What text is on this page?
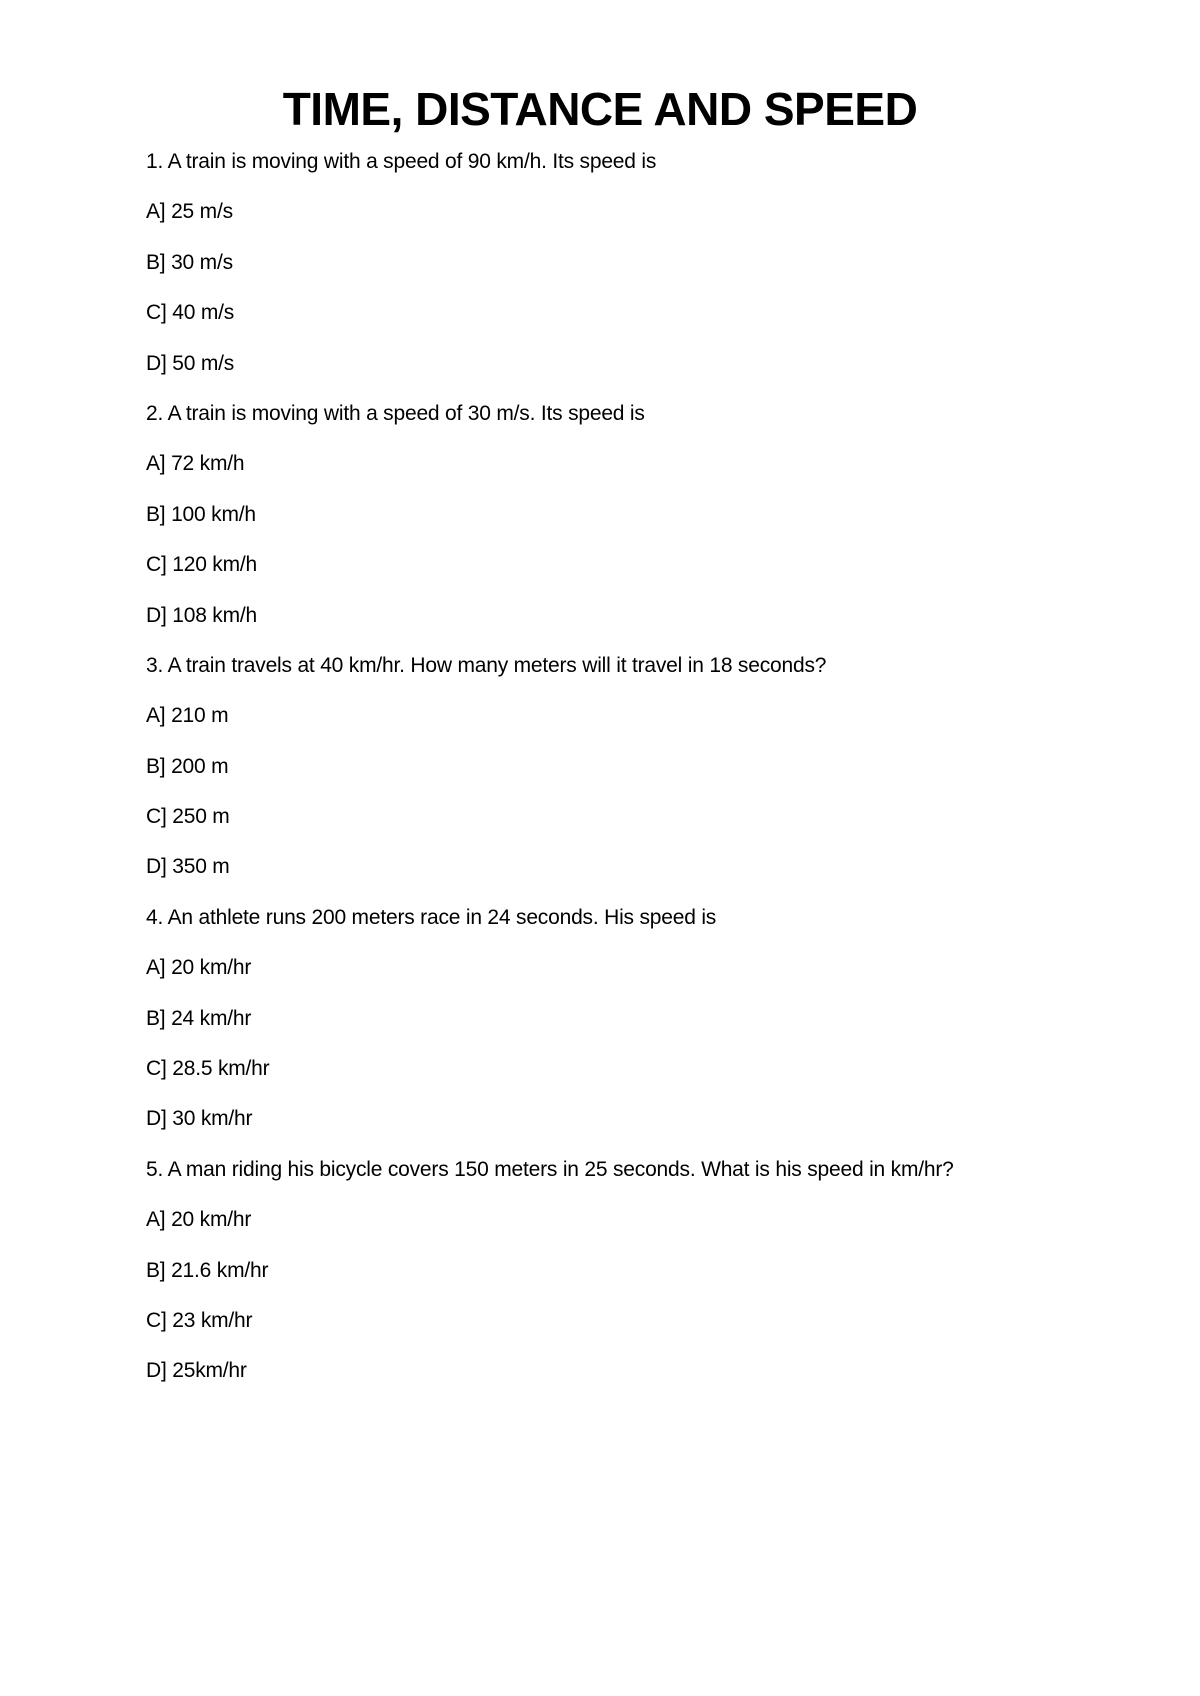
TIME, DISTANCE AND SPEED
1. A train is moving with a speed of 90 km/h. Its speed is
A] 25 m/s
B] 30 m/s
C] 40 m/s
D] 50 m/s
2. A train is moving with a speed of 30 m/s. Its speed is
A] 72 km/h
B] 100 km/h
C] 120 km/h
D] 108 km/h
3. A train travels at 40 km/hr. How many meters will it travel in 18 seconds?
A] 210 m
B] 200 m
C] 250 m
D] 350 m
4. An athlete runs 200 meters race in 24 seconds. His speed is
A] 20 km/hr
B] 24 km/hr
C] 28.5 km/hr
D] 30 km/hr
5. A man riding his bicycle covers 150 meters in 25 seconds. What is his speed in km/hr?
A] 20 km/hr
B] 21.6 km/hr
C] 23 km/hr
D] 25km/hr
